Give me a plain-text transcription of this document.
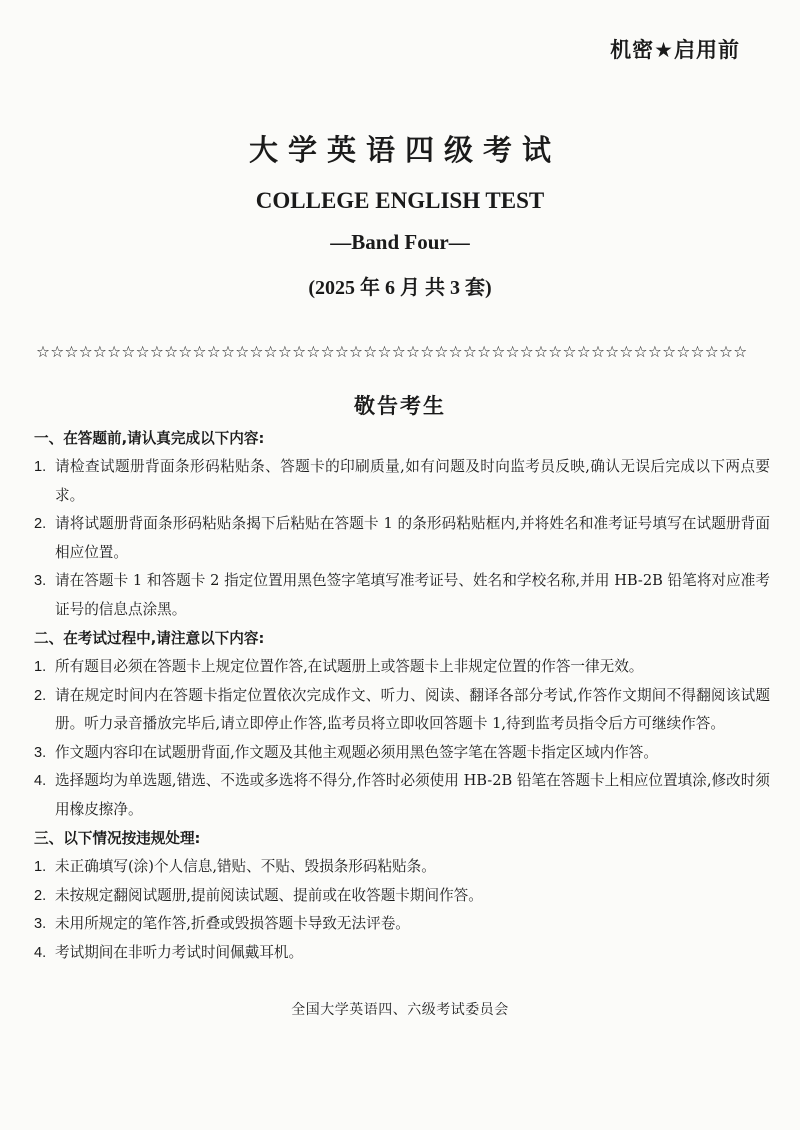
机密★启用前
大学英语四级考试
COLLEGE ENGLISH TEST
—Band Four—
(2025 年 6 月 共 3 套)
☆☆☆☆☆☆☆☆☆☆☆☆☆☆☆☆☆☆☆☆☆☆☆☆☆☆☆☆☆☆☆☆☆☆☆☆☆☆☆☆☆☆☆☆☆☆☆☆☆☆
敬告考生
一、在答题前,请认真完成以下内容:
1. 请检查试题册背面条形码粘贴条、答题卡的印刷质量,如有问题及时向监考员反映,确认无误后完成以下两点要求。
2. 请将试题册背面条形码粘贴条揭下后粘贴在答题卡 1 的条形码粘贴框内,并将姓名和准考证号填写在试题册背面相应位置。
3. 请在答题卡 1 和答题卡 2 指定位置用黑色签字笔填写准考证号、姓名和学校名称,并用 HB-2B 铅笔将对应准考证号的信息点涂黑。
二、在考试过程中,请注意以下内容:
1. 所有题目必须在答题卡上规定位置作答,在试题册上或答题卡上非规定位置的作答一律无效。
2. 请在规定时间内在答题卡指定位置依次完成作文、听力、阅读、翻译各部分考试,作答作文期间不得翻阅该试题册。听力录音播放完毕后,请立即停止作答,监考员将立即收回答题卡 1,待到监考员指令后方可继续作答。
3. 作文题内容印在试题册背面,作文题及其他主观题必须用黑色签字笔在答题卡指定区域内作答。
4. 选择题均为单选题,错选、不选或多选将不得分,作答时必须使用 HB-2B 铅笔在答题卡上相应位置填涂,修改时须用橡皮擦净。
三、以下情况按违规处理:
1. 未正确填写(涂)个人信息,错贴、不贴、毁损条形码粘贴条。
2. 未按规定翻阅试题册,提前阅读试题、提前或在收答题卡期间作答。
3. 未用所规定的笔作答,折叠或毁损答题卡导致无法评卷。
4. 考试期间在非听力考试时间佩戴耳机。
全国大学英语四、六级考试委员会
